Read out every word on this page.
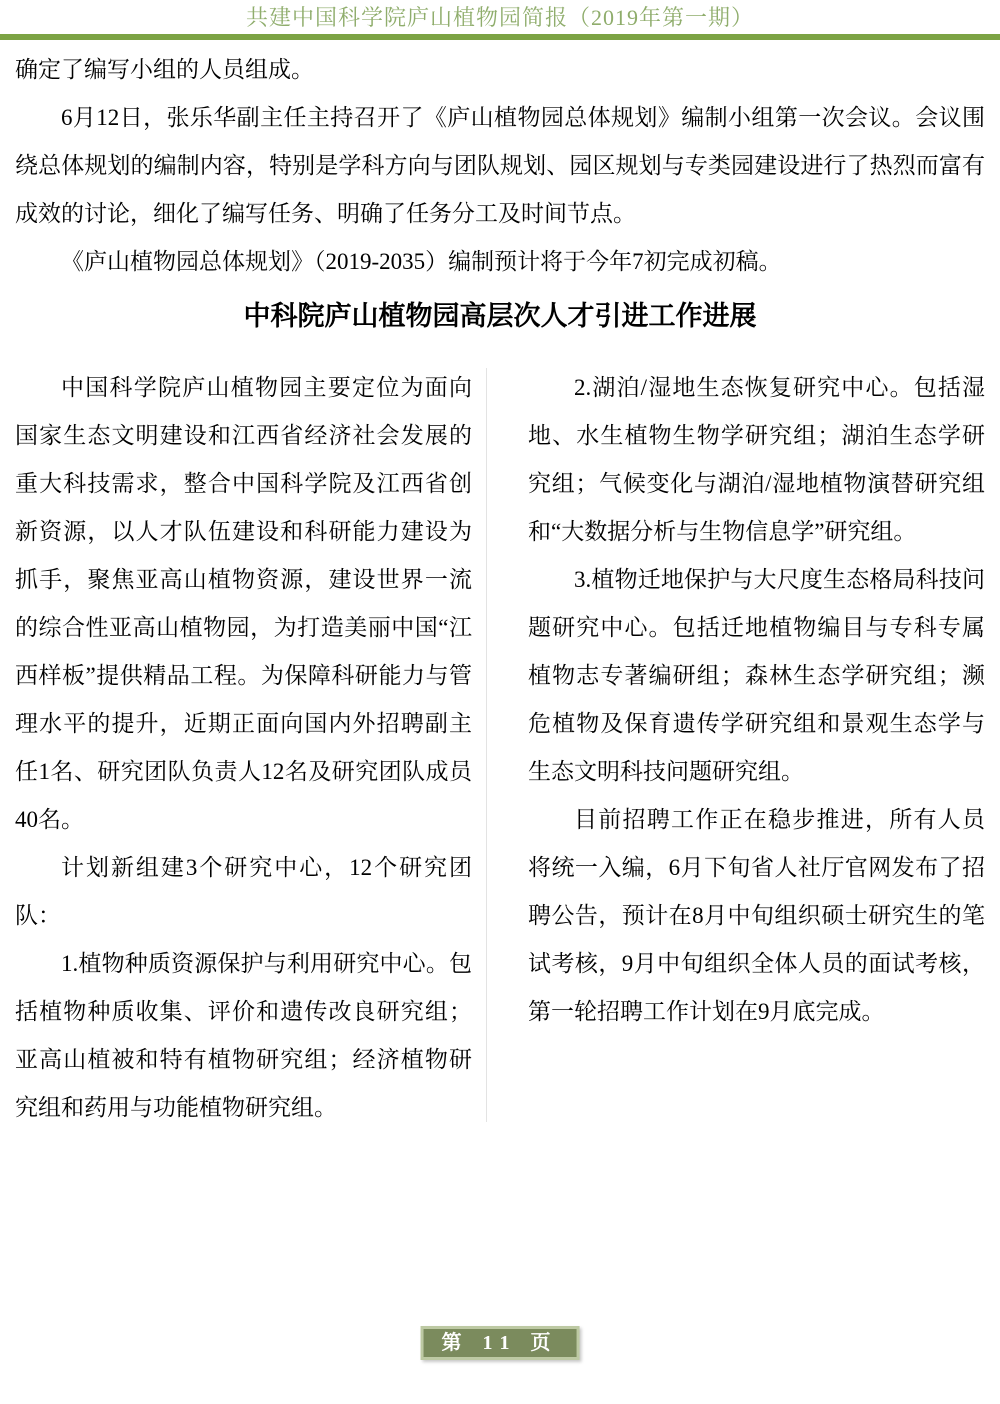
共建中国科学院庐山植物园简报（2019年第一期）

确定了编写小组的人员组成。

6月12日，张乐华副主任主持召开了《庐山植物园总体规划》编制小组第一次会议。会议围绕总体规划的编制内容，特别是学科方向与团队规划、园区规划与专类园建设进行了热烈而富有成效的讨论，细化了编写任务、明确了任务分工及时间节点。

《庐山植物园总体规划》（2019-2035）编制预计将于今年7初完成初稿。

中科院庐山植物园高层次人才引进工作进展

中国科学院庐山植物园主要定位为面向国家生态文明建设和江西省经济社会发展的重大科技需求，整合中国科学院及江西省创新资源，以人才队伍建设和科研能力建设为抓手，聚焦亚高山植物资源，建设世界一流的综合性亚高山植物园，为打造美丽中国“江西样板”提供精品工程。为保障科研能力与管理水平的提升，近期正面向国内外招聘副主任1名、研究团队负责人12名及研究团队成员40名。

计划新组建3个研究中心，12个研究团队：

1.植物种质资源保护与利用研究中心。包括植物种质收集、评价和遗传改良研究组；亚高山植被和特有植物研究组；经济植物研究组和药用与功能植物研究组。

2.湖泊/湿地生态恢复研究中心。包括湿地、水生植物生物学研究组；湖泊生态学研究组；气候变化与湖泊/湿地植物演替研究组和“大数据分析与生物信息学”研究组。

3.植物迁地保护与大尺度生态格局科技问题研究中心。包括迁地植物编目与专科专属植物志专著编研组；森林生态学研究组；濒危植物及保育遗传学研究组和景观生态学与生态文明科技问题研究组。

目前招聘工作正在稳步推进，所有人员将统一入编，6月下旬省人社厅官网发布了招聘公告，预计在8月中旬组织硕士研究生的笔试考核，9月中旬组织全体人员的面试考核，第一轮招聘工作计划在9月底完成。

第 11 页
